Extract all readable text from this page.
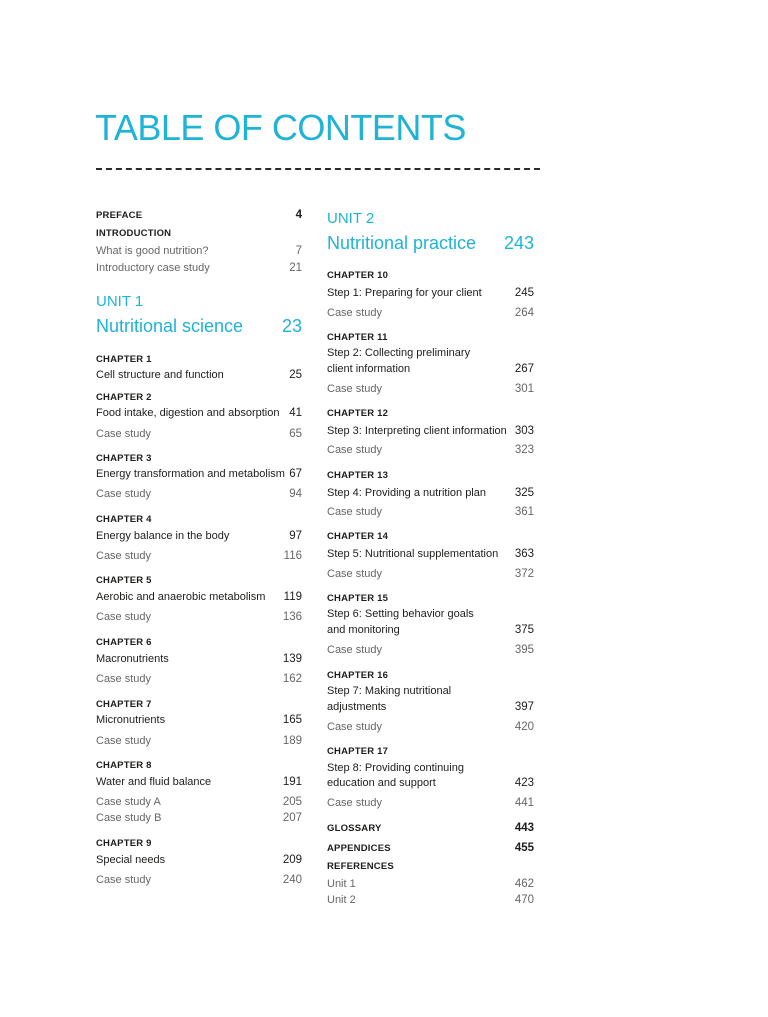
TABLE OF CONTENTS
PREFACE	4
INTRODUCTION
What is good nutrition?	7
Introductory case study	21
UNIT 1
Nutritional science 23
CHAPTER 1
Cell structure and function	25
CHAPTER 2
Food intake, digestion and absorption 41
Case study	65
CHAPTER 3
Energy transformation and metabolism 67
Case study	94
CHAPTER 4
Energy balance in the body	97
Case study	116
CHAPTER 5
Aerobic and anaerobic metabolism 119
Case study	136
CHAPTER 6
Macronutrients	139
Case study	162
CHAPTER 7
Micronutrients	165
Case study	189
CHAPTER 8
Water and fluid balance	191
Case study A	205
Case study B	207
CHAPTER 9
Special needs	209
Case study	240
UNIT 2
Nutritional practice 243
CHAPTER 10
Step 1: Preparing for your client	245
Case study	264
CHAPTER 11
Step 2: Collecting preliminary
client information	267
Case study	301
CHAPTER 12
Step 3: Interpreting client information 303
Case study	323
CHAPTER 13
Step 4: Providing a nutrition plan	325
Case study	361
CHAPTER 14
Step 5: Nutritional supplementation 363
Case study	372
CHAPTER 15
Step 6: Setting behavior goals
and monitoring	375
Case study	395
CHAPTER 16
Step 7: Making nutritional
adjustments	397
Case study	420
CHAPTER 17
Step 8: Providing continuing
education and support	423
Case study	441
GLOSSARY	443
APPENDICES	455
REFERENCES
Unit 1	462
Unit 2	470
